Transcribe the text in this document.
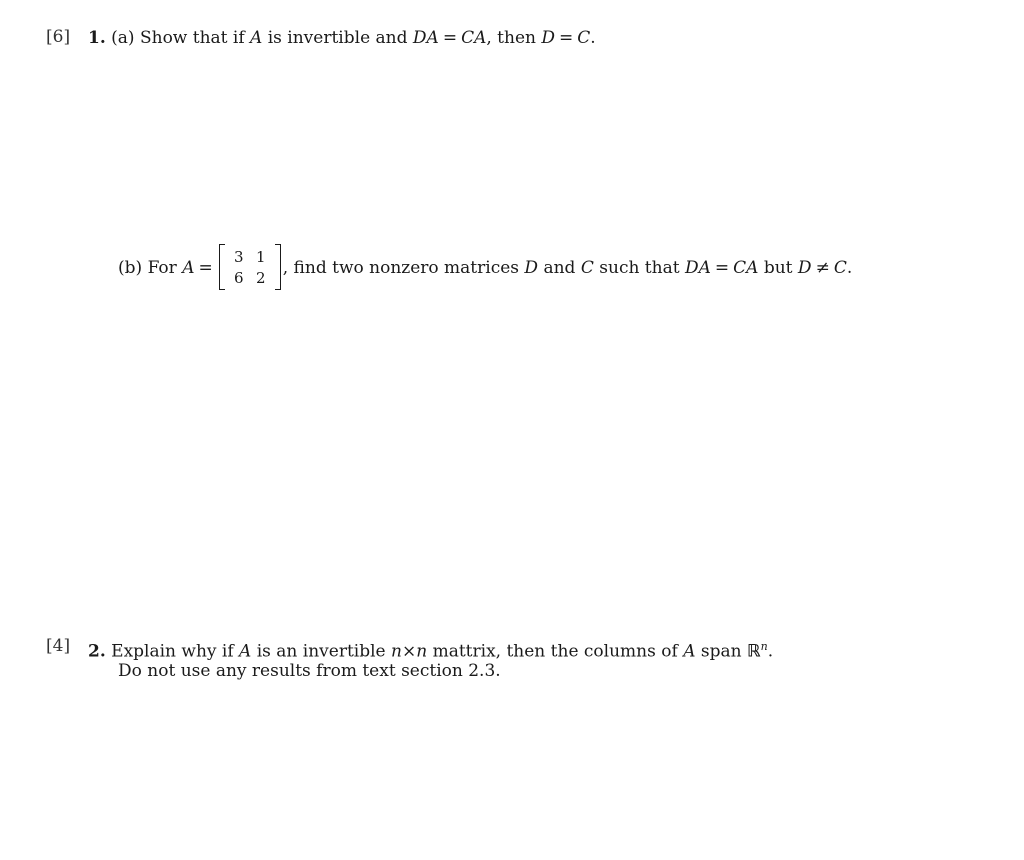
[6] 1. (a) Show that if A is invertible and DA = CA, then D = C.
(b)
For
A =
3 1
6 2 , find two nonzero matrices
D
and
C
such that
DA = CA
but
D ≠ C .
[4] 2. Explain why if A is an invertible n×n mattrix, then the columns of A span ℝ$^n$.
Do not use any results from text section 2.3.
